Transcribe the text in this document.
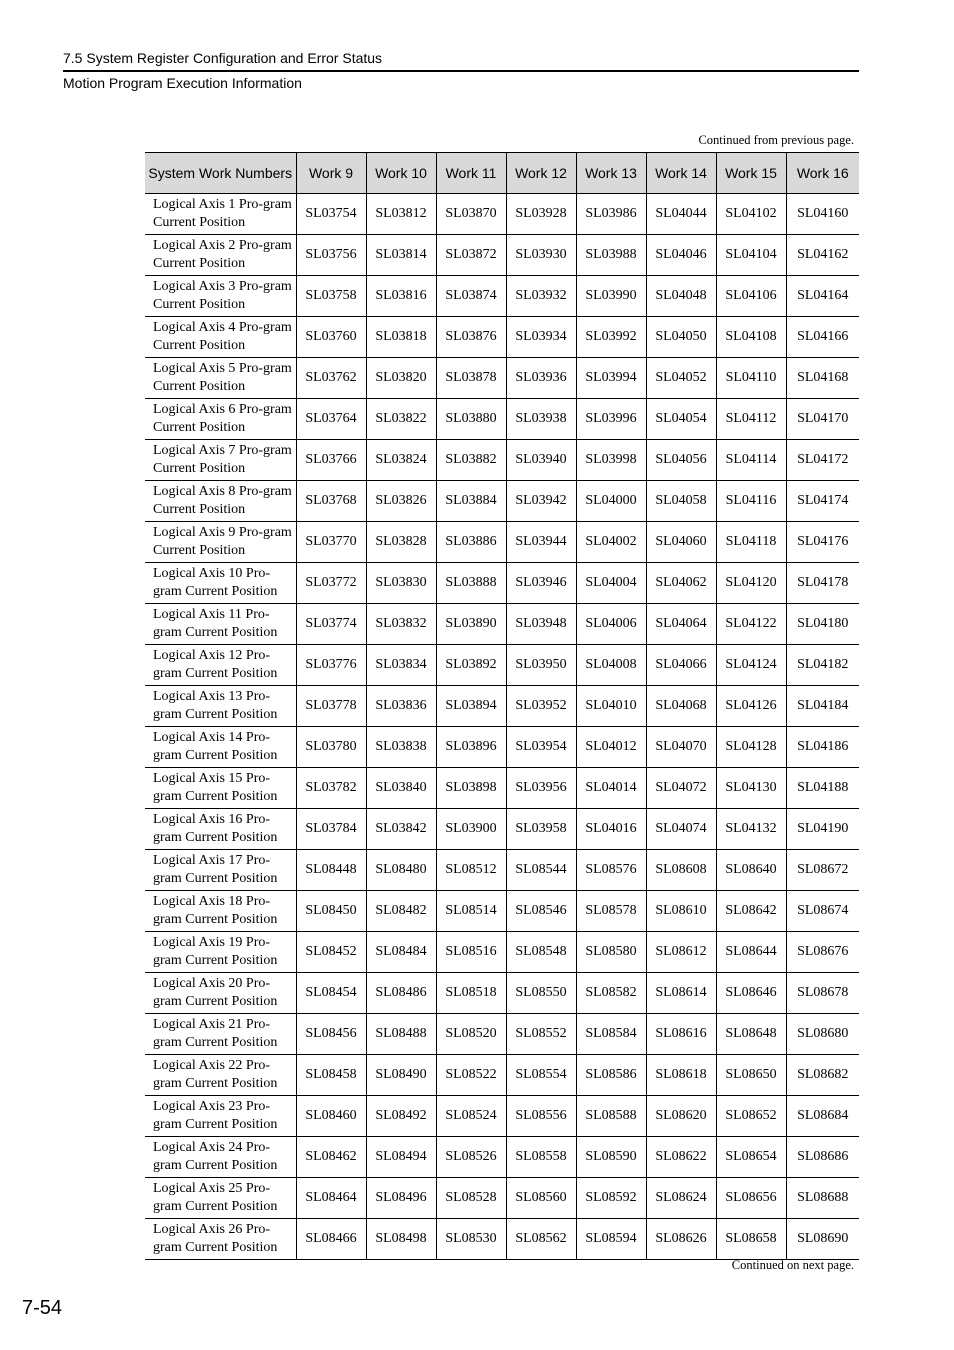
7.5 System Register Configuration and Error Status
Motion Program Execution Information
Continued from previous page.
System Work Numbers	Work 9	Work 10	Work 11	Work 12	Work 13	Work 14	Work 15	Work 16
Logical Axis 1 Pro-gram Current Position	SL03754	SL03812	SL03870	SL03928	SL03986	SL04044	SL04102	SL04160
Logical Axis 2 Pro-gram Current Position	SL03756	SL03814	SL03872	SL03930	SL03988	SL04046	SL04104	SL04162
Logical Axis 3 Pro-gram Current Position	SL03758	SL03816	SL03874	SL03932	SL03990	SL04048	SL04106	SL04164
Logical Axis 4 Pro-gram Current Position	SL03760	SL03818	SL03876	SL03934	SL03992	SL04050	SL04108	SL04166
Logical Axis 5 Pro-gram Current Position	SL03762	SL03820	SL03878	SL03936	SL03994	SL04052	SL04110	SL04168
Logical Axis 6 Pro-gram Current Position	SL03764	SL03822	SL03880	SL03938	SL03996	SL04054	SL04112	SL04170
Logical Axis 7 Pro-gram Current Position	SL03766	SL03824	SL03882	SL03940	SL03998	SL04056	SL04114	SL04172
Logical Axis 8 Pro-gram Current Position	SL03768	SL03826	SL03884	SL03942	SL04000	SL04058	SL04116	SL04174
Logical Axis 9 Pro-gram Current Position	SL03770	SL03828	SL03886	SL03944	SL04002	SL04060	SL04118	SL04176
Logical Axis 10 Pro-gram Current Position	SL03772	SL03830	SL03888	SL03946	SL04004	SL04062	SL04120	SL04178
Logical Axis 11 Pro-gram Current Position	SL03774	SL03832	SL03890	SL03948	SL04006	SL04064	SL04122	SL04180
Logical Axis 12 Pro-gram Current Position	SL03776	SL03834	SL03892	SL03950	SL04008	SL04066	SL04124	SL04182
Logical Axis 13 Pro-gram Current Position	SL03778	SL03836	SL03894	SL03952	SL04010	SL04068	SL04126	SL04184
Logical Axis 14 Pro-gram Current Position	SL03780	SL03838	SL03896	SL03954	SL04012	SL04070	SL04128	SL04186
Logical Axis 15 Pro-gram Current Position	SL03782	SL03840	SL03898	SL03956	SL04014	SL04072	SL04130	SL04188
Logical Axis 16 Pro-gram Current Position	SL03784	SL03842	SL03900	SL03958	SL04016	SL04074	SL04132	SL04190
Logical Axis 17 Pro-gram Current Position	SL08448	SL08480	SL08512	SL08544	SL08576	SL08608	SL08640	SL08672
Logical Axis 18 Pro-gram Current Position	SL08450	SL08482	SL08514	SL08546	SL08578	SL08610	SL08642	SL08674
Logical Axis 19 Pro-gram Current Position	SL08452	SL08484	SL08516	SL08548	SL08580	SL08612	SL08644	SL08676
Logical Axis 20 Pro-gram Current Position	SL08454	SL08486	SL08518	SL08550	SL08582	SL08614	SL08646	SL08678
Logical Axis 21 Pro-gram Current Position	SL08456	SL08488	SL08520	SL08552	SL08584	SL08616	SL08648	SL08680
Logical Axis 22 Pro-gram Current Position	SL08458	SL08490	SL08522	SL08554	SL08586	SL08618	SL08650	SL08682
Logical Axis 23 Pro-gram Current Position	SL08460	SL08492	SL08524	SL08556	SL08588	SL08620	SL08652	SL08684
Logical Axis 24 Pro-gram Current Position	SL08462	SL08494	SL08526	SL08558	SL08590	SL08622	SL08654	SL08686
Logical Axis 25 Pro-gram Current Position	SL08464	SL08496	SL08528	SL08560	SL08592	SL08624	SL08656	SL08688
Logical Axis 26 Pro-gram Current Position	SL08466	SL08498	SL08530	SL08562	SL08594	SL08626	SL08658	SL08690
Continued on next page.
7-54
